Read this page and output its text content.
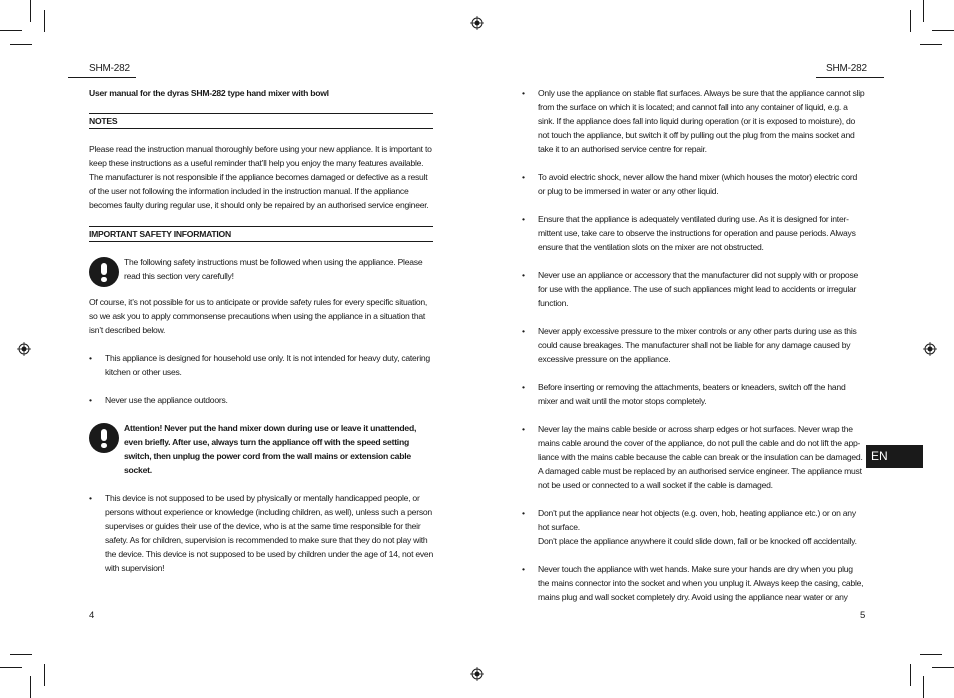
SHM-282	SHM-282

User manual for the dyras SHM-282 type hand mixer with bowl

NOTES

Please read the instruction manual thoroughly before using your new appliance. It is important to keep these instructions as a useful reminder that’ll help you enjoy the many features available. The manufacturer is not responsible if the appliance becomes damaged or defective as a result of the user not following the information included in the instruction manual. If the appliance becomes faulty during regular use, it should only be repaired by an authorised service engineer.

IMPORTANT SAFETY INFORMATION

The following safety instructions must be followed when using the appliance. Please read this section very carefully!

Of course, it’s not possible for us to anticipate or provide safety rules for every specific situation, so we ask you to apply commonsense precautions when using the appliance in a situation that isn’t described below.

• This appliance is designed for household use only. It is not intended for heavy duty, catering kitchen or other uses.

• Never use the appliance outdoors.

Attention! Never put the hand mixer down during use or leave it unattended, even briefly. After use, always turn the appliance off with the speed setting switch, then unplug the power cord from the wall mains or extension cable socket.

• This device is not supposed to be used by physically or mentally handicapped people, or persons without experience or knowledge (including children, as well), unless such a person supervises or guides their use of the device, who is at the same time responsible for their safety. As for children, supervision is recommended to make sure that they do not play with the device. This device is not supposed to be used by children under the age of 14, not even with supervision!

4

• Only use the appliance on stable flat surfaces. Always be sure that the appliance cannot slip from the surface on which it is located; and cannot fall into any container of liquid, e.g. a sink. If the appliance does fall into liquid during operation (or it is exposed to moisture), do not touch the appliance, but switch it off by pulling out the plug from the mains socket and take it to an authorised service centre for repair.

• To avoid electric shock, never allow the hand mixer (which houses the motor) electric cord or plug to be immersed in water or any other liquid.

• Ensure that the appliance is adequately ventilated during use. As it is designed for inter-mittent use, take care to observe the instructions for operation and pause periods. Always ensure that the ventilation slots on the mixer are not obstructed.

• Never use an appliance or accessory that the manufacturer did not supply with or propose for use with the appliance. The use of such appliances might lead to accidents or irregular function.

• Never apply excessive pressure to the mixer controls or any other parts during use as this could cause breakages. The manufacturer shall not be liable for any damage caused by excessive pressure on the appliance.

• Before inserting or removing the attachments, beaters or kneaders, switch off the hand mixer and wait until the motor stops completely.

• Never lay the mains cable beside or across sharp edges or hot surfaces. Never wrap the mains cable around the cover of the appliance, do not pull the cable and do not lift the app-liance with the mains cable because the cable can break or the insulation can be damaged. A damaged cable must be replaced by an authorised service engineer. The appliance must not be used or connected to a wall socket if the cable is damaged.

• Don’t put the appliance near hot objects (e.g. oven, hob, heating appliance etc.) or on any hot surface.

Don’t place the appliance anywhere it could slide down, fall or be knocked off accidentally.

• Never touch the appliance with wet hands. Make sure your hands are dry when you plug the mains connector into the socket and when you unplug it. Always keep the casing, cable, mains plug and wall socket completely dry. Avoid using the appliance near water or any

5
EN
